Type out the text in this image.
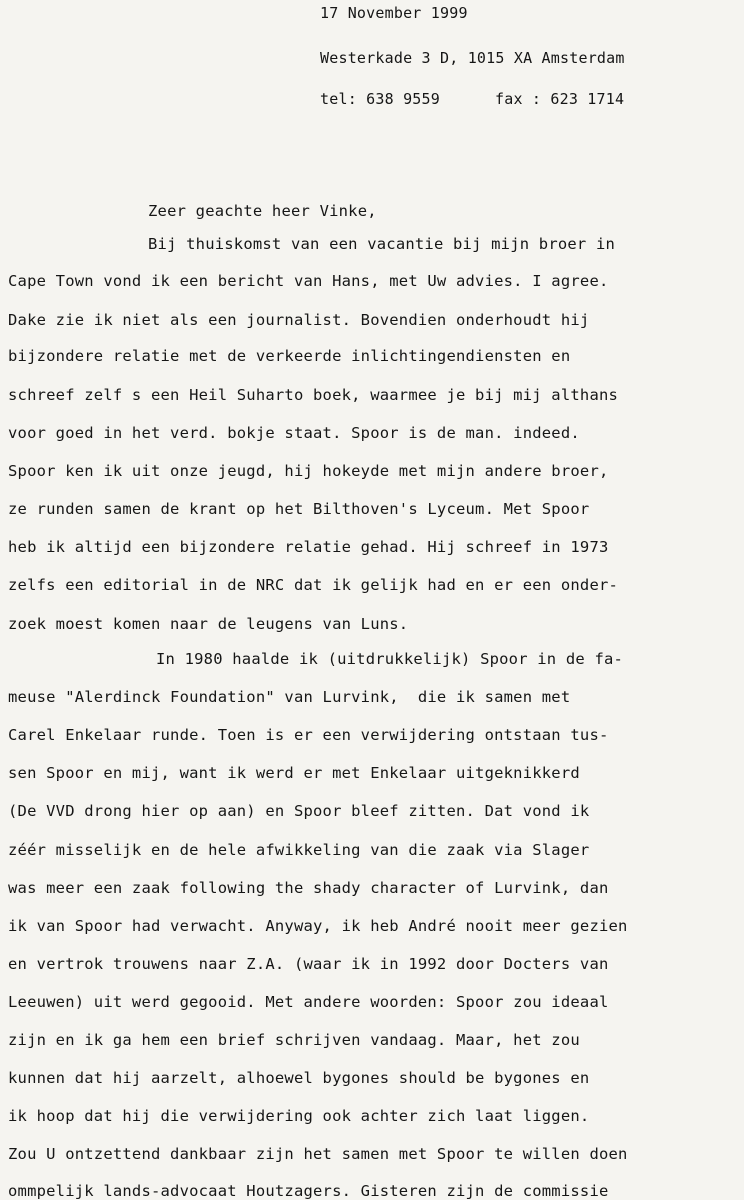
17 November 1999
Westerkade 3 D, 1015 XA Amsterdam
tel: 638 9559	fax : 623 1714
Zeer geachte heer Vinke,
Bij thuiskomst van een vacantie bij mijn broer in
Cape Town vond ik een bericht van Hans, met Uw advies. I agree.
Dake zie ik niet als een journalist. Bovendien onderhoudt hij
bijzondere relatie met de verkeerde inlichtingendiensten en
schreef zelf s een Heil Suharto boek, waarmee je bij mij althans
voor goed in het verd. bokje staat. Spoor is de man. indeed.
Spoor ken ik uit onze jeugd, hij hokeyde met mijn andere broer,
ze runden samen de krant op het Bilthoven's Lyceum. Met Spoor
heb ik altijd een bijzondere relatie gehad. Hij schreef in 1973
zelfs een editorial in de NRC dat ik gelijk had en er een onder-
zoek moest komen naar de leugens van Luns.
In 1980 haalde ik (uitdrukkelijk) Spoor in de fa-
meuse "Alerdinck Foundation" van Lurvink,  die ik samen met
Carel Enkelaar runde. Toen is er een verwijdering ontstaan tus-
sen Spoor en mij, want ik werd er met Enkelaar uitgeknikkerd
(De VVD drong hier op aan) en Spoor bleef zitten. Dat vond ik
zéér misselijk en de hele afwikkeling van die zaak via Slager
was meer een zaak following the shady character of Lurvink, dan
ik van Spoor had verwacht. Anyway, ik heb André nooit meer gezien
en vertrok trouwens naar Z.A. (waar ik in 1992 door Docters van
Leeuwen) uit werd gegooid. Met andere woorden: Spoor zou ideaal
zijn en ik ga hem een brief schrijven vandaag. Maar, het zou
kunnen dat hij aarzelt, alhoewel bygones should be bygones en
ik hoop dat hij die verwijdering ook achter zich laat liggen.
Zou U ontzettend dankbaar zijn het samen met Spoor te willen doen
ommpelijk lands-advocaat Houtzagers. Gisteren zijn de commissie
